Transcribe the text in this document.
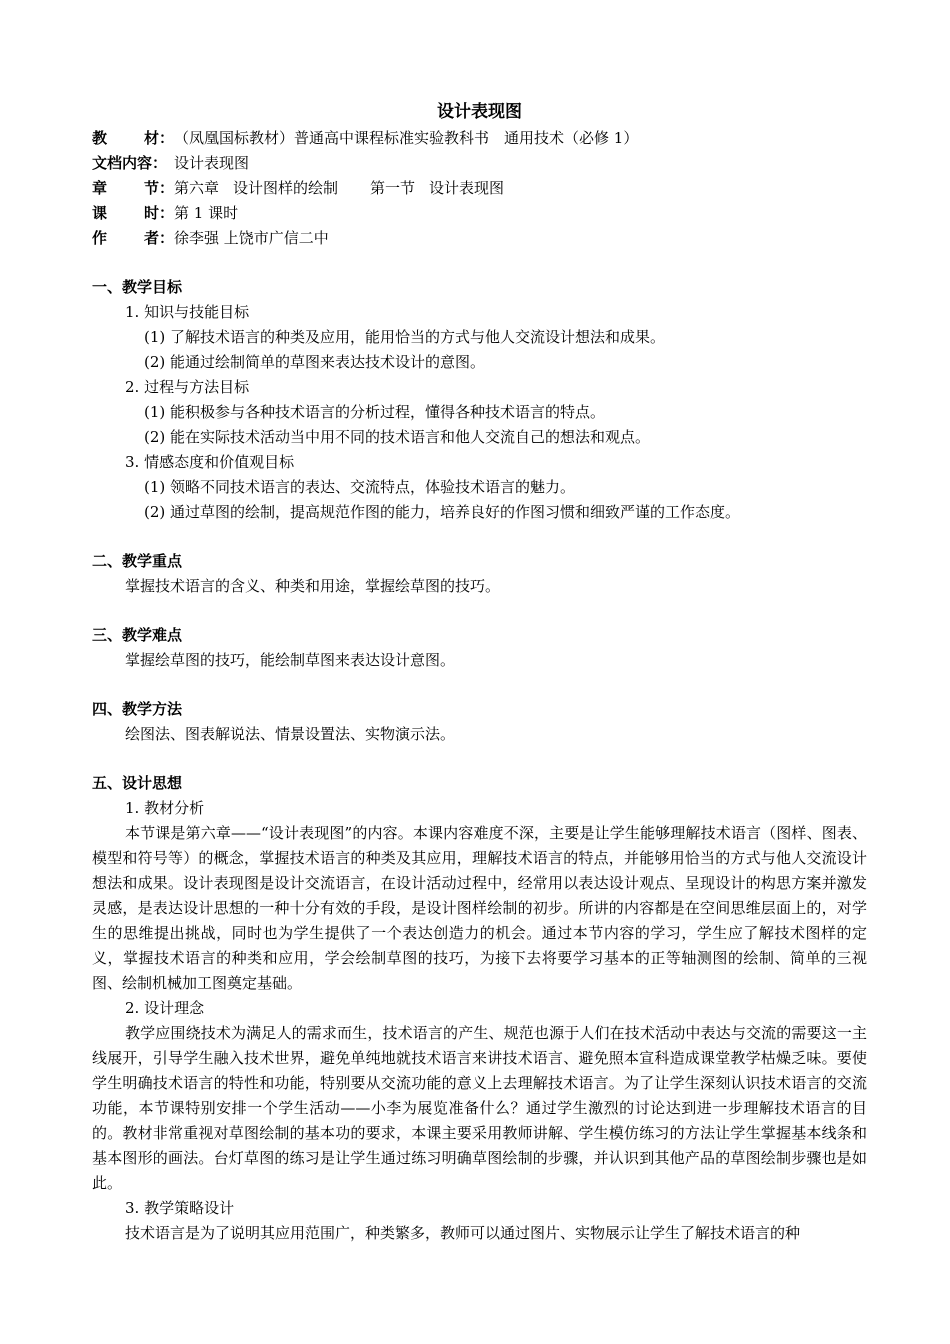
设计表现图
教 材： （凤凰国标教材）普通高中课程标准实验教科书　通用技术（必修 1）
文档内容： 设计表现图
章 节： 第六章 设计图样的绘制 第一节 设计表现图
课 时： 第 1 课时
作 者： 徐李强 上饶市广信二中
一、教学目标
1. 知识与技能目标
(1) 了解技术语言的种类及应用，能用恰当的方式与他人交流设计想法和成果。
(2) 能通过绘制简单的草图来表达技术设计的意图。
2. 过程与方法目标
(1) 能积极参与各种技术语言的分析过程，懂得各种技术语言的特点。
(2) 能在实际技术活动当中用不同的技术语言和他人交流自己的想法和观点。
3. 情感态度和价值观目标
(1) 领略不同技术语言的表达、交流特点，体验技术语言的魅力。
(2) 通过草图的绘制，提高规范作图的能力，培养良好的作图习惯和细致严谨的工作态度。
二、教学重点
掌握技术语言的含义、种类和用途，掌握绘草图的技巧。
三、教学难点
掌握绘草图的技巧，能绘制草图来表达设计意图。
四、教学方法
绘图法、图表解说法、情景设置法、实物演示法。
五、设计思想
1. 教材分析
本节课是第六章——“设计表现图”的内容。本课内容难度不深，主要是让学生能够理解技术语言（图样、图表、模型和符号等）的概念，掌握技术语言的种类及其应用，理解技术语言的特点，并能够用恰当的方式与他人交流设计想法和成果。设计表现图是设计交流语言，在设计活动过程中，经常用以表达设计观点、呈现设计的构思方案并激发灵感，是表达设计思想的一种十分有效的手段，是设计图样绘制的初步。所讲的内容都是在空间思维层面上的，对学生的思维提出挑战，同时也为学生提供了一个表达创造力的机会。通过本节内容的学习，学生应了解技术图样的定义，掌握技术语言的种类和应用，学会绘制草图的技巧，为接下去将要学习基本的正等轴测图的绘制、简单的三视图、绘制机械加工图奠定基础。
2. 设计理念
教学应围绕技术为满足人的需求而生，技术语言的产生、规范也源于人们在技术活动中表达与交流的需要这一主线展开，引导学生融入技术世界，避免单纯地就技术语言来讲技术语言、避免照本宣科造成课堂教学枯燥乏味。要使学生明确技术语言的特性和功能，特别要从交流功能的意义上去理解技术语言。为了让学生深刻认识技术语言的交流功能，本节课特别安排一个学生活动——小李为展览准备什么？通过学生激烈的讨论达到进一步理解技术语言的目的。教材非常重视对草图绘制的基本功的要求，本课主要采用教师讲解、学生模仿练习的方法让学生掌握基本线条和基本图形的画法。台灯草图的练习是让学生通过练习明确草图绘制的步骤，并认识到其他产品的草图绘制步骤也是如此。
3. 教学策略设计
技术语言是为了说明其应用范围广，种类繁多，教师可以通过图片、实物展示让学生了解技术语言的种
